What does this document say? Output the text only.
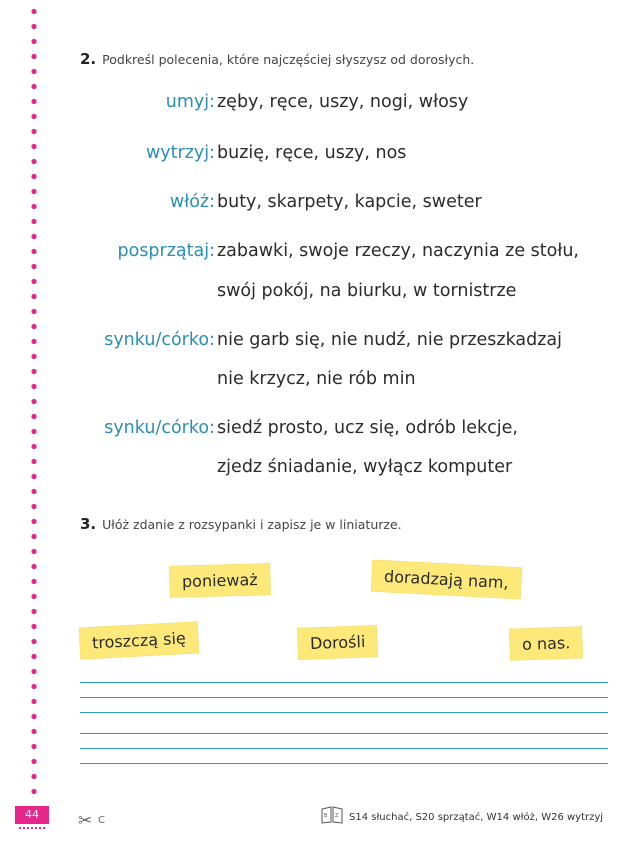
2. Podkreśl polecenia, które najczęściej słyszysz od dorosłych.
umyj: zęby, ręce, uszy, nogi, włosy
wytrzyj: buzię, ręce, uszy, nos
włóż: buty, skarpety, kapcie, sweter
posprzątaj: zabawki, swoje rzeczy, naczynia ze stołu,
swój pokój, na biurku, w tornistrze
synku/córko: nie garb się, nie nudź, nie przeszkadzaj
nie krzycz, nie rób min
synku/córko: siedź prosto, ucz się, odrób lekcje,
zjedz śniadanie, wyłącz komputer
3. Ułóż zdanie z rozsypanki i zapisz je w liniaturze.
ponieważ	doradzają nam,
troszczą się	Dorośli	o nas.
44	✂ C	B Z S14 słuchać, S20 sprzątać, W14 włóż, W26 wytrzyj
